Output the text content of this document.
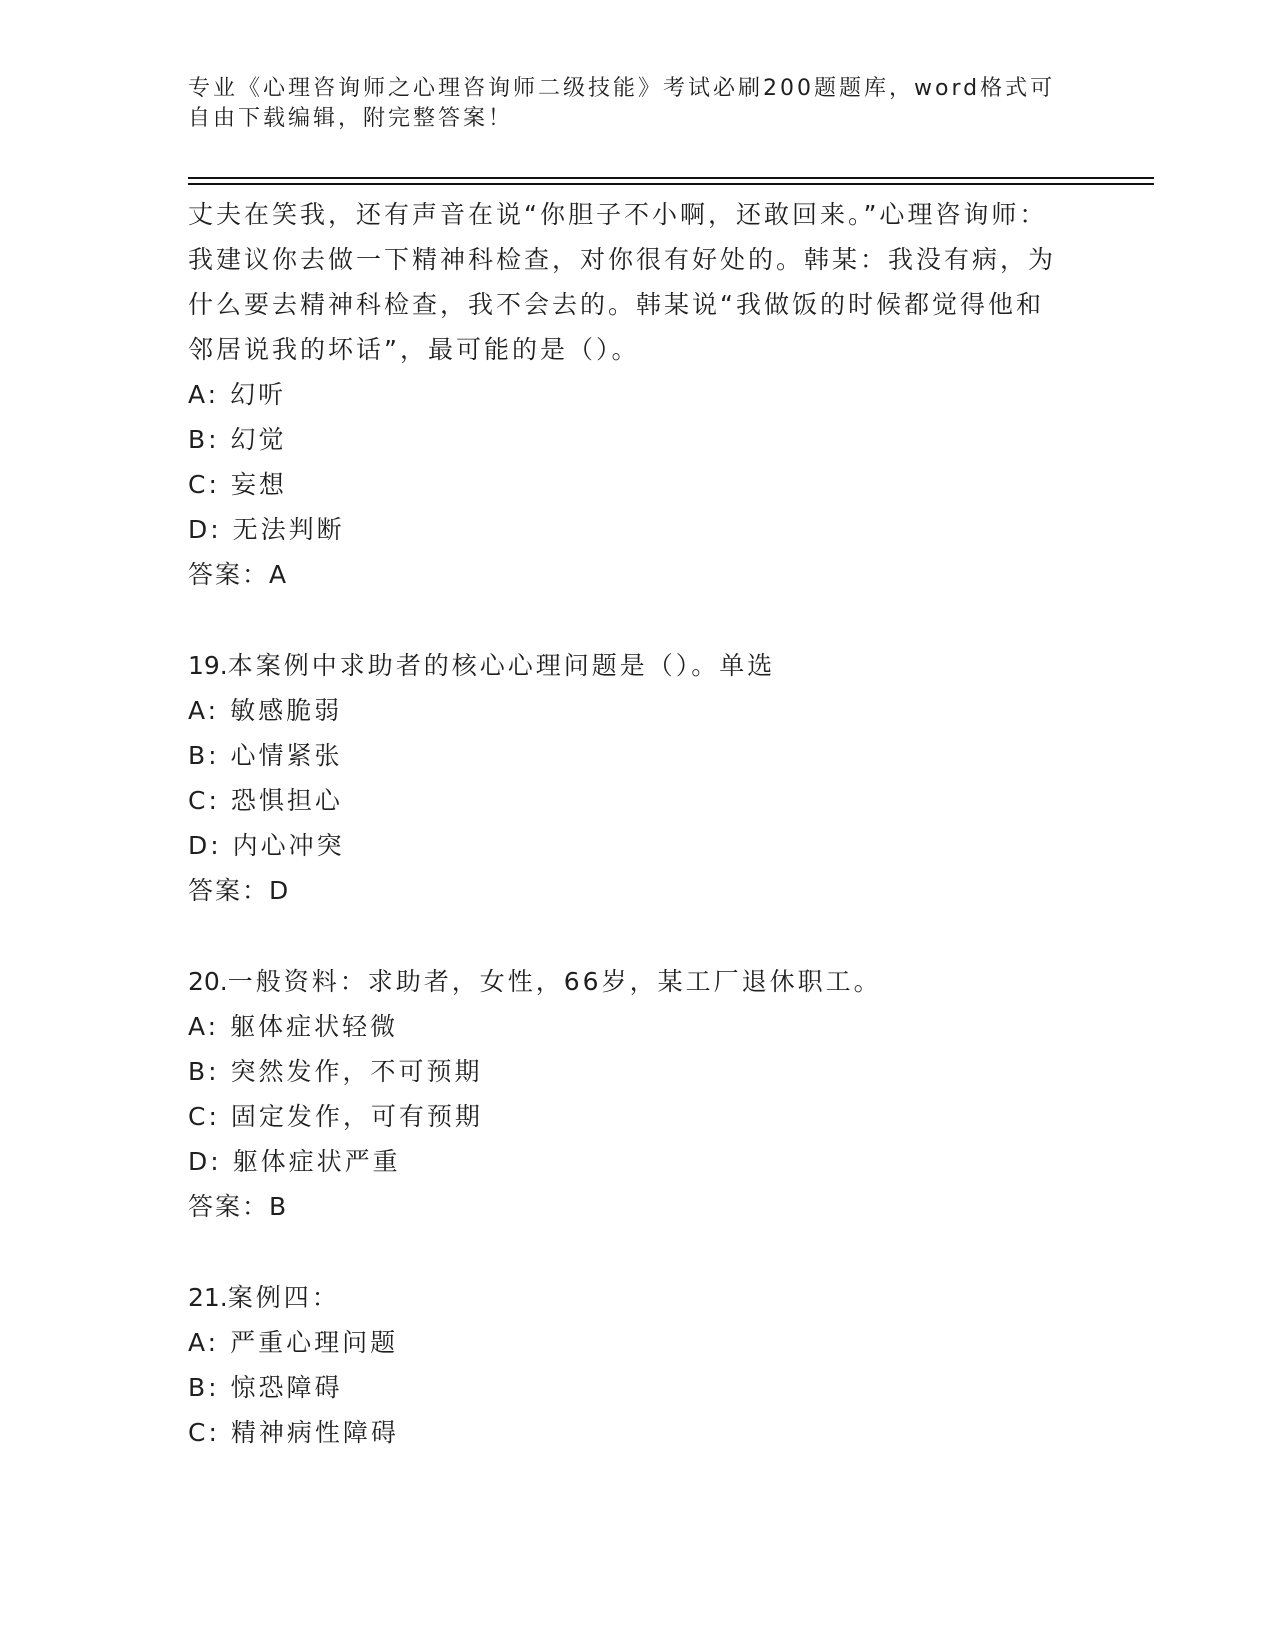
专业《心理咨询师之心理咨询师二级技能》考试必刷200题题库，word格式可自由下载编辑，附完整答案！

丈夫在笑我，还有声音在说“你胆子不小啊，还敢回来。”心理咨询师：我建议你去做一下精神科检查，对你很有好处的。韩某：我没有病，为什么要去精神科检查，我不会去的。韩某说“我做饭的时候都觉得他和邻居说我的坏话”，最可能的是（）。

A: 幻听
B: 幻觉
C: 妄想
D: 无法判断
答案：A
19.本案例中求助者的核心心理问题是（）。单选
A: 敏感脆弱
B: 心情紧张
C: 恐惧担心
D: 内心冲突
答案：D
20.一般资料：求助者，女性，66岁，某工厂退休职工。
A: 躯体症状轻微
B: 突然发作，不可预期
C: 固定发作，可有预期
D: 躯体症状严重
答案：B
21.案例四：
A: 严重心理问题
B: 惊恐障碍
C: 精神病性障碍
